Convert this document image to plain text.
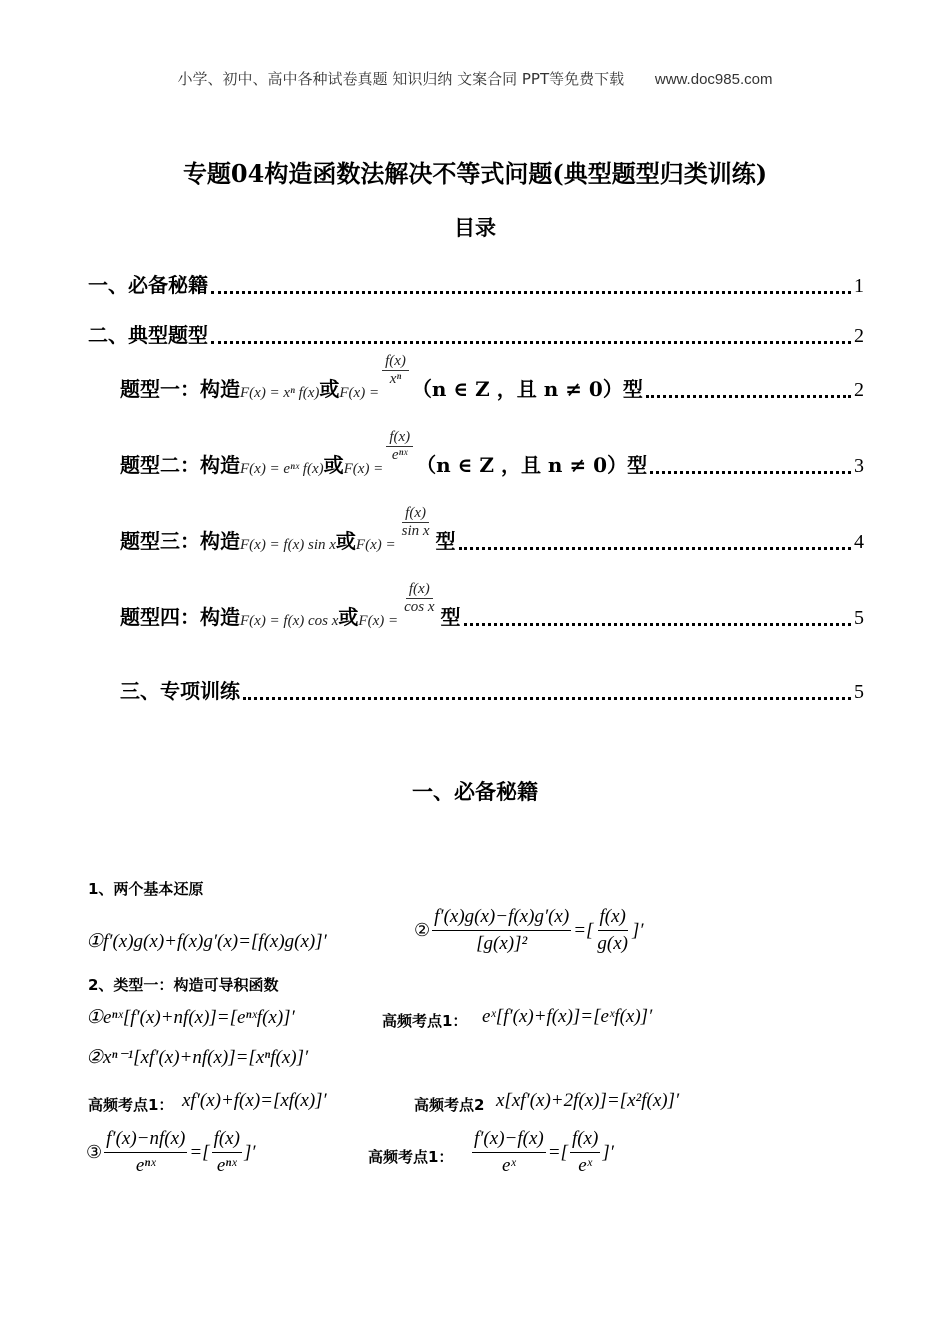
小学、初中、高中各种试卷真题 知识归纳 文案合同 PPT等免费下载 www.doc985.com
专题04构造函数法解决不等式问题(典型题型归类训练)
目录
一、必备秘籍	1
二、典型题型	2
题型一：构造 F(x) = xⁿ f(x) 或 F(x) =
$\frac{f(x)}{\text{xⁿ}}$
（n ∈ Z ，且 n ≠ 0）型	2
题型二：构造 F(x) = eⁿˣ f(x) 或 F(x) =
$\frac{f(x)}{\text{eⁿˣ}}$
（n ∈ Z ，且 n ≠ 0）型	3
题型三：构造 F(x) = f(x) sin x 或 F(x) =
$\frac{f(x)}{\text{sin x}}$
型	4
题型四：构造 F(x) = f(x) cos x 或 F(x) =
$\frac{f(x)}{\text{cos x}}$
型	5
三、专项训练	5
一、必备秘籍
1、两个基本还原
①f′(x)g(x)+f(x)g′(x)=[f(x)g(x)]′
② $\frac{f'(x)g(x)-f(x)g'(x)}{\text{[g(x)]²}}$ =[ $\frac{f(x)}{g(x)}$ ]′
2、类型一：构造可导积函数
①eⁿˣ[f′(x)+nf(x)]=[eⁿˣf(x)]′	高频考点1： eˣ[f′(x)+f(x)]=[eˣf(x)]′
②xⁿ⁻¹[xf′(x)+nf(x)]=[xⁿf(x)]′
高频考点1： xf′(x)+f(x)=[xf(x)]′	高频考点2 x[xf′(x)+2f(x)]=[x²f(x)]′
③ $\frac{f'(x)-nf(x)}{\text{eⁿˣ}}$ =[ $\frac{f(x)}{\text{eⁿˣ}}$ ]′	高频考点1： $\frac{f'(x)-f(x)}{\text{eˣ}}$ =[ $\frac{f(x)}{\text{eˣ}}$ ]′
